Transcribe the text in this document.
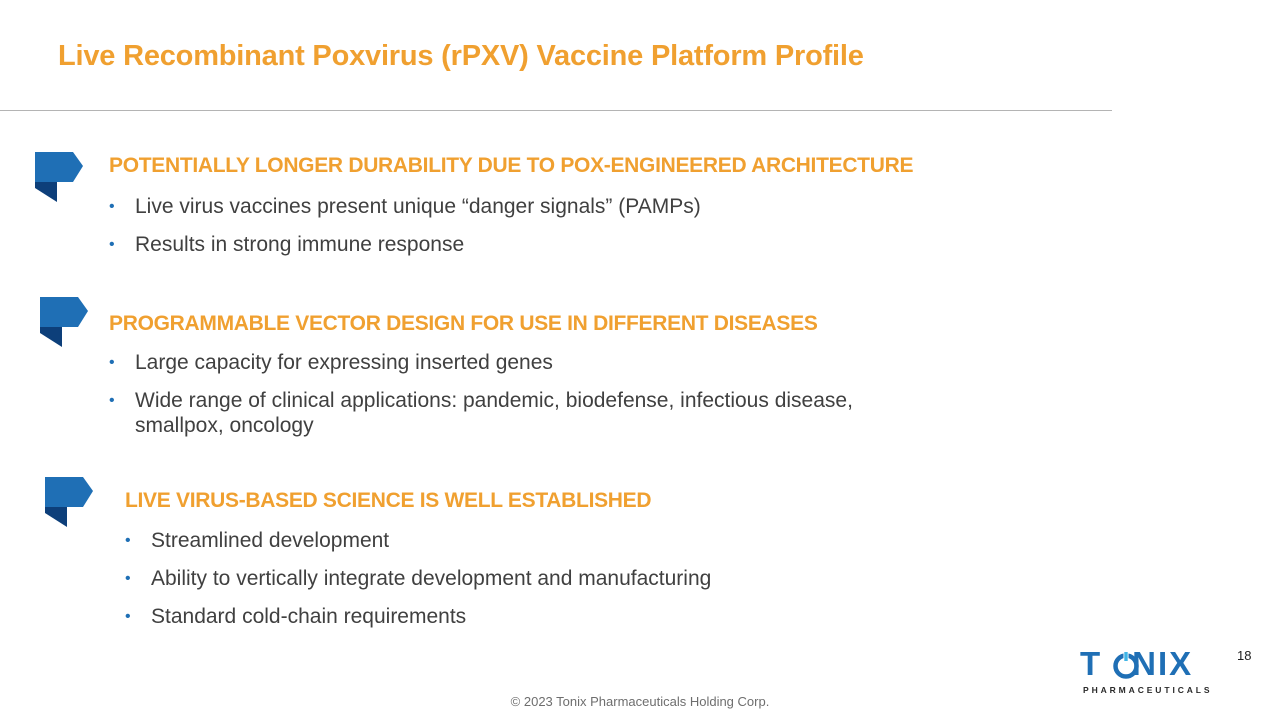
Live Recombinant Poxvirus (rPXV) Vaccine Platform Profile
POTENTIALLY LONGER DURABILITY DUE TO POX-ENGINEERED ARCHITECTURE
• Live virus vaccines present unique “danger signals” (PAMPs)
• Results in strong immune response
PROGRAMMABLE VECTOR DESIGN FOR USE IN DIFFERENT DISEASES
• Large capacity for expressing inserted genes
• Wide range of clinical applications: pandemic, biodefense, infectious disease,
smallpox, oncology
LIVE VIRUS-BASED SCIENCE IS WELL ESTABLISHED
• Streamlined development
• Ability to vertically integrate development and manufacturing
• Standard cold-chain requirements
T NIX
PHARMACEUTICALS
18
© 2023 Tonix Pharmaceuticals Holding Corp.
